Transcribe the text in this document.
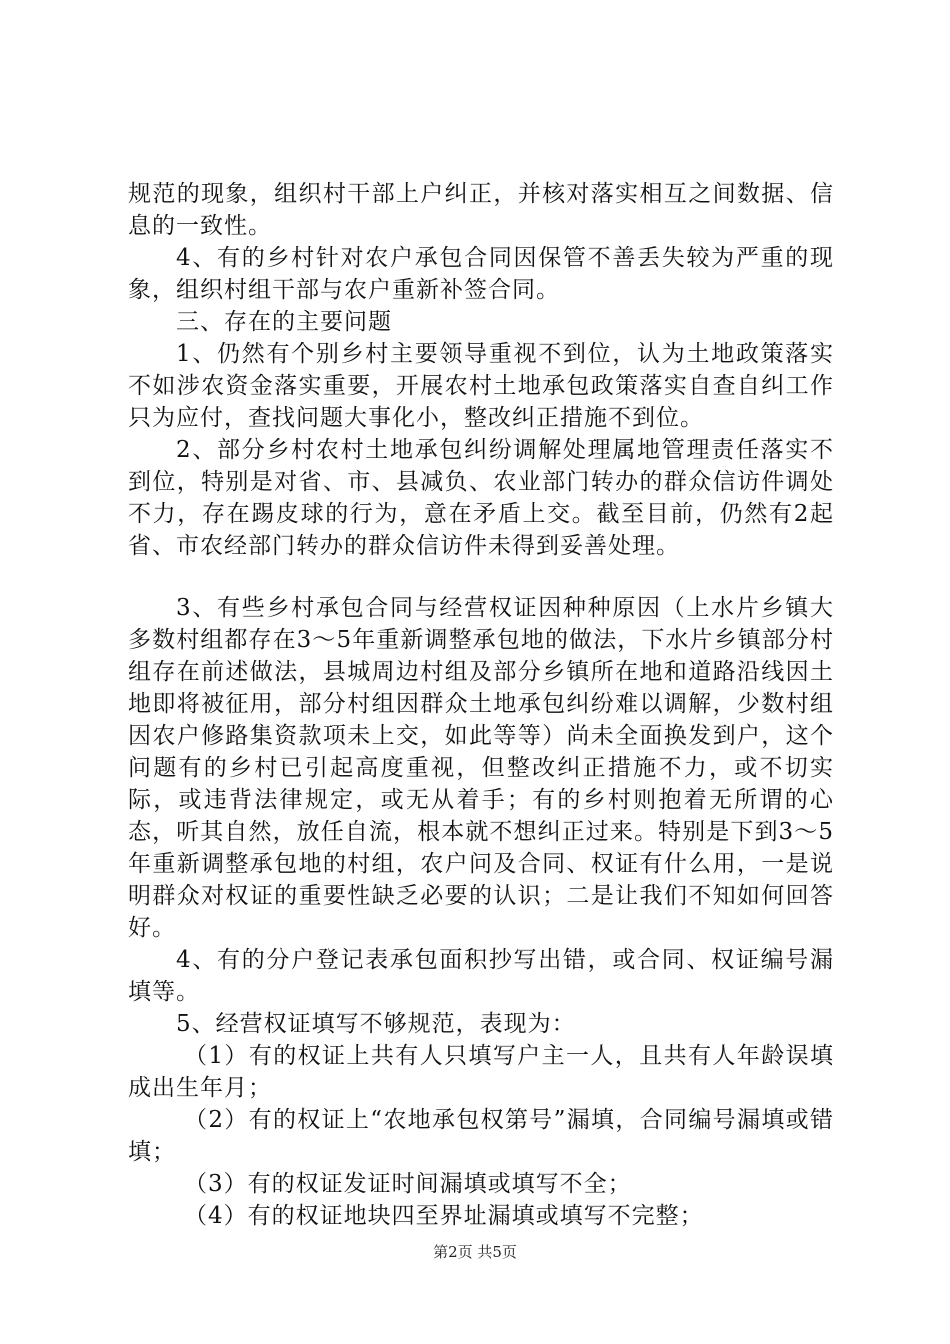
规范的现象，组织村干部上户纠正，并核对落实相互之间数据、信息的一致性。

4、有的乡村针对农户承包合同因保管不善丢失较为严重的现象，组织村组干部与农户重新补签合同。

三、存在的主要问题

1、仍然有个别乡村主要领导重视不到位，认为土地政策落实不如涉农资金落实重要，开展农村土地承包政策落实自查自纠工作只为应付，查找问题大事化小，整改纠正措施不到位。

2、部分乡村农村土地承包纠纷调解处理属地管理责任落实不到位，特别是对省、市、县减负、农业部门转办的群众信访件调处不力，存在踢皮球的行为，意在矛盾上交。截至目前，仍然有2起省、市农经部门转办的群众信访件未得到妥善处理。

3、有些乡村承包合同与经营权证因种种原因（上水片乡镇大多数村组都存在3～5年重新调整承包地的做法，下水片乡镇部分村组存在前述做法，县城周边村组及部分乡镇所在地和道路沿线因土地即将被征用，部分村组因群众土地承包纠纷难以调解，少数村组因农户修路集资款项未上交，如此等等）尚未全面换发到户，这个问题有的乡村已引起高度重视，但整改纠正措施不力，或不切实际，或违背法律规定，或无从着手；有的乡村则抱着无所谓的心态，听其自然，放任自流，根本就不想纠正过来。特别是下到3～5年重新调整承包地的村组，农户问及合同、权证有什么用，一是说明群众对权证的重要性缺乏必要的认识；二是让我们不知如何回答好。

4、有的分户登记表承包面积抄写出错，或合同、权证编号漏填等。

5、经营权证填写不够规范，表现为：

（1）有的权证上共有人只填写户主一人，且共有人年龄误填成出生年月；

（2）有的权证上“农地承包权第号”漏填，合同编号漏填或错填；

（3）有的权证发证时间漏填或填写不全；

（4）有的权证地块四至界址漏填或填写不完整；

第2页 共5页
